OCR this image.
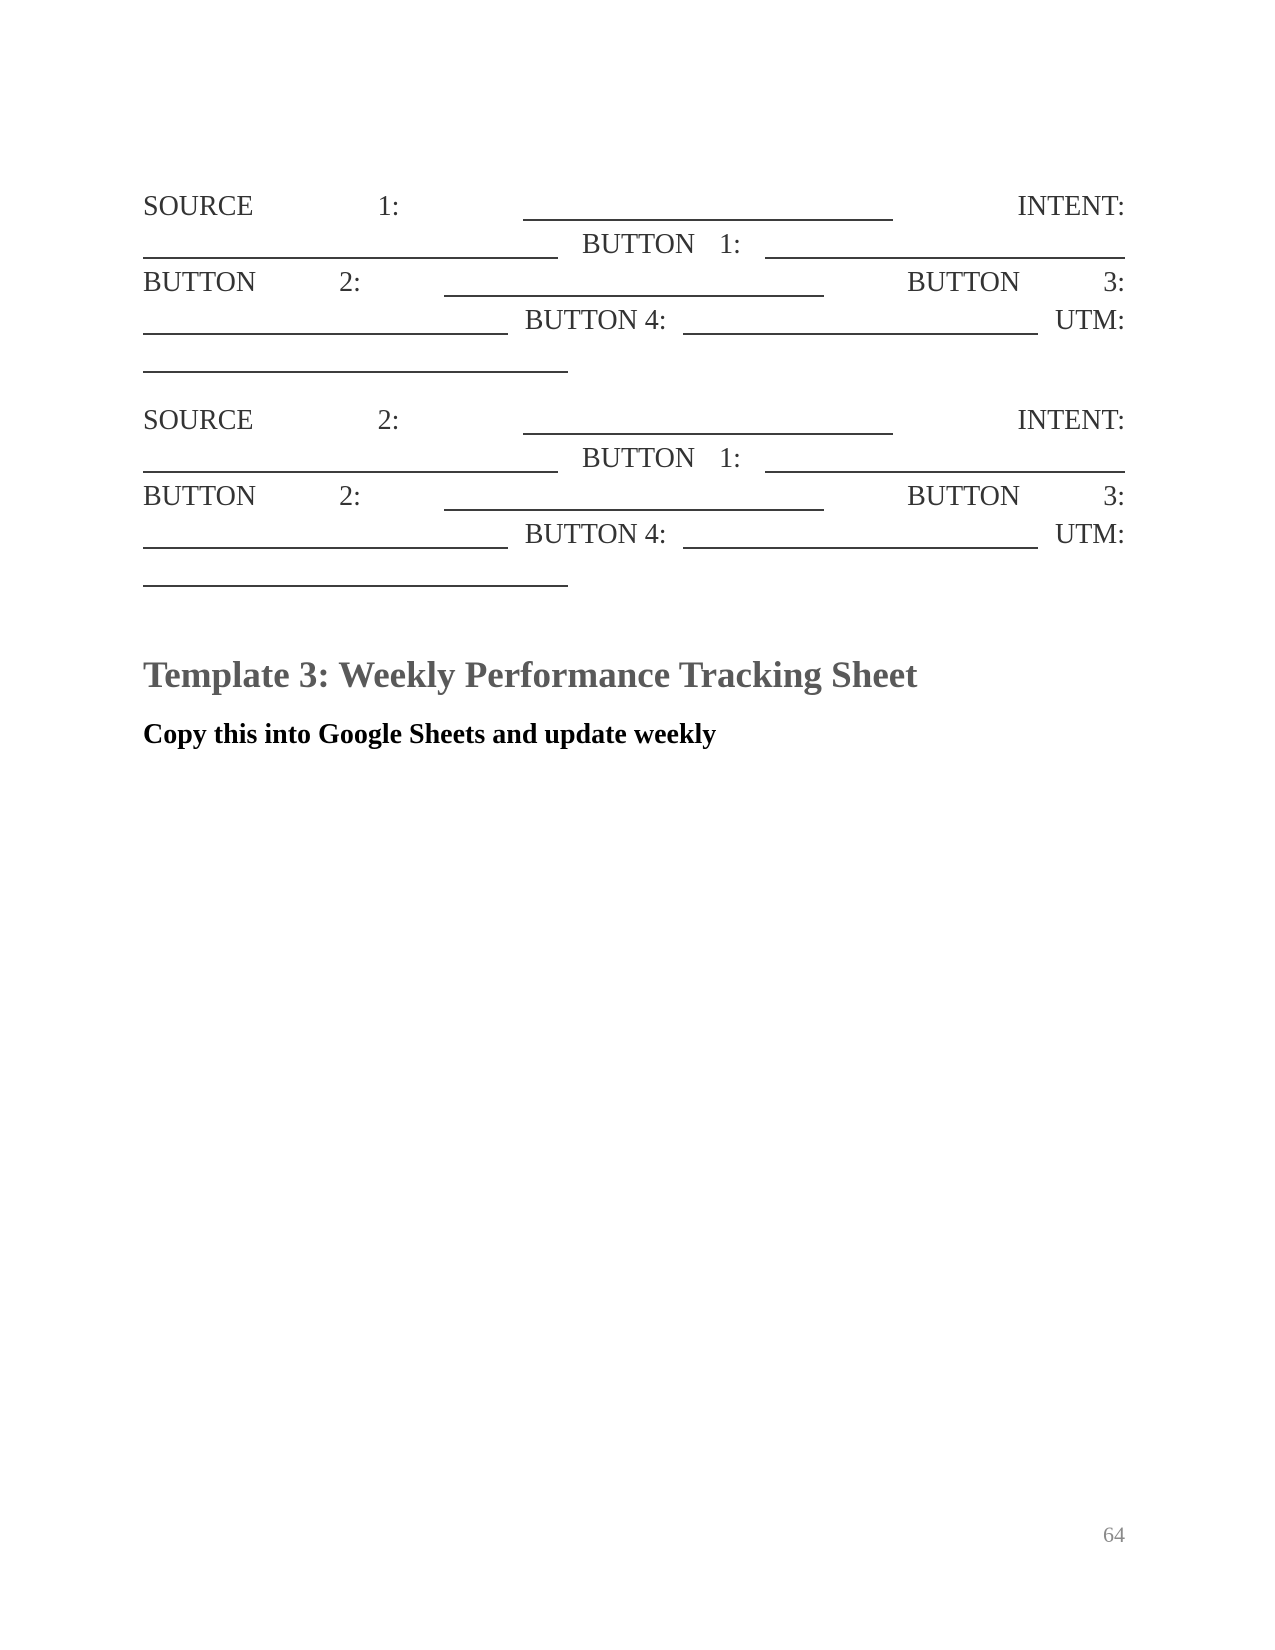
SOURCE	1:	INTENT:
BUTTON 1:
BUTTON	2:	BUTTON	3:
BUTTON 4:	UTM:
SOURCE	2:	INTENT:
BUTTON 1:
BUTTON	2:	BUTTON	3:
BUTTON 4:	UTM:
Template 3: Weekly Performance Tracking Sheet

Copy this into Google Sheets and update weekly

64
